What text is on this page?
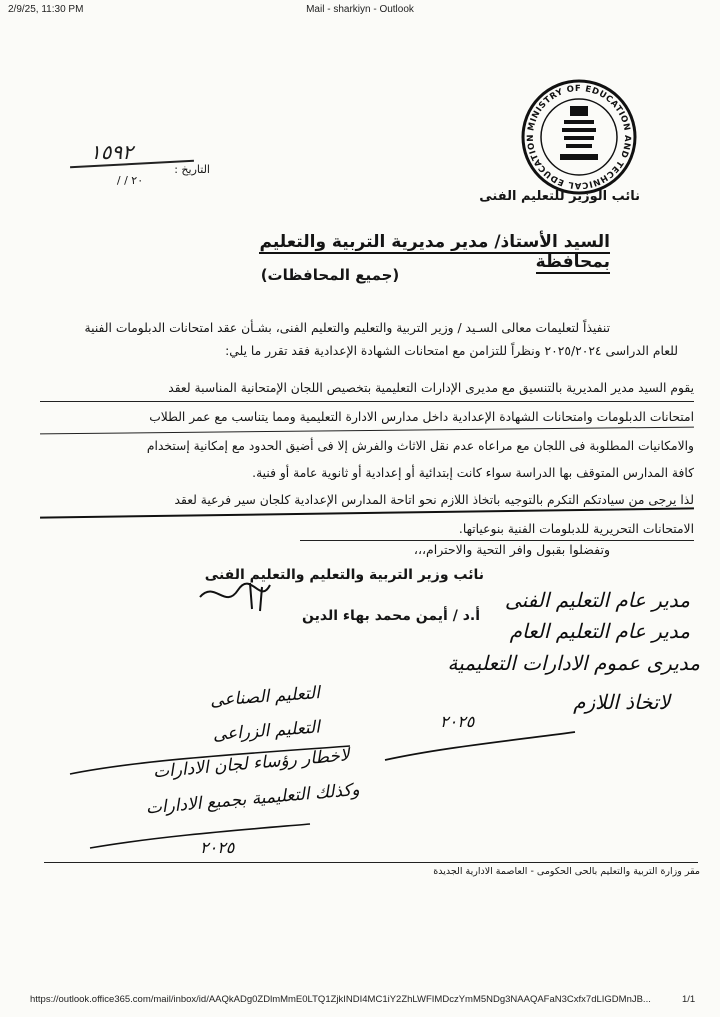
2/9/25, 11:30 PM	Mail - sharkiyn - Outlook
MINISTRY OF EDUCATION AND TECHNICAL EDUCATION
نائب الوزير للتعليم الفنى
١٥٩٢
التاريخ :
٢٠ / /
السيد الأستاذ/ مدير مديرية التربية والتعليم بمحافظة
(جميع المحافظات)
تنفيذاً لتعليمات معالى السـيد / وزير التربية والتعليم والتعليم الفنى، بشـأن عقد امتحانات الدبلومات الفنية
للعام الدراسى ٢٠٢٥/٢٠٢٤ ونظراً للتزامن مع امتحانات الشهادة الإعدادية فقد تقرر ما يلي:
يقوم السيد مدير المديرية بالتنسيق مع مديرى الإدارات التعليمية بتخصيص اللجان الإمتحانية المناسبة لعقد
امتحانات الدبلومات وامتحانات الشهادة الإعدادية داخل مدارس الادارة التعليمية ومما يتناسب مع عمر الطلاب
والامكانيات المطلوبة فى اللجان مع مراعاه عدم نقل الاثاث والفرش إلا فى أضيق الحدود مع إمكانية إستخدام
كافة المدارس المتوقف بها الدراسة سواء كانت إبتدائية أو إعدادية أو ثانوية عامة أو فنية.
لذا يرجى من سيادتكم التكرم بالتوجيه باتخاذ اللازم نحو اتاحة المدارس الإعدادية كلجان سير فرعية لعقد
الامتحانات التحريرية للدبلومات الفنية بنوعياتها.
وتفضلوا بقبول وافر التحية والاحترام،،،
نائب وزير التربية والتعليم والتعليم الفنى
أ.د / أيمن محمد بهاء الدين
مدير عام التعليم الفنى
مدير عام التعليم العام
مديرى عموم الادارات التعليمية
لاتخاذ اللازم
٢٠٢٥
التعليم الصناعى
التعليم الزراعى
لاخطار رؤساء لجان الادارات
وكذلك التعليمية بجميع الادارات
٢٠٢٥
مقر وزارة التربية والتعليم بالحى الحكومى - العاصمة الادارية الجديدة
https://outlook.office365.com/mail/inbox/id/AAQkADg0ZDlmMmE0LTQ1ZjkINDI4MC1iY2ZhLWFIMDczYmM5NDg3NAAQAFaN3Cxfx7dLIGDMnJB...	1/1
